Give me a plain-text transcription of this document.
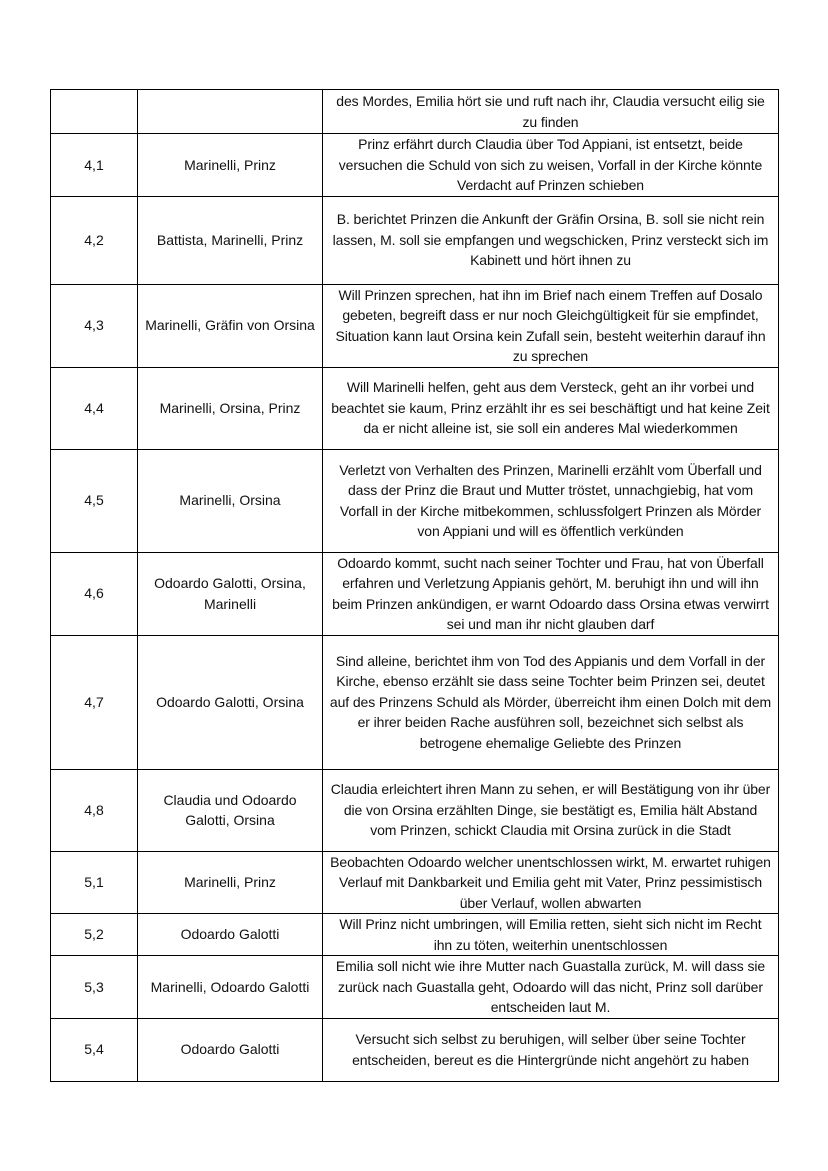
		des Mordes, Emilia hört sie und ruft nach ihr, Claudia versucht eilig sie zu finden
4,1	Marinelli, Prinz	Prinz erfährt durch Claudia über Tod Appiani, ist entsetzt, beide versuchen die Schuld von sich zu weisen, Vorfall in der Kirche könnte Verdacht auf Prinzen schieben
4,2	Battista, Marinelli, Prinz	B. berichtet Prinzen die Ankunft der Gräfin Orsina, B. soll sie nicht rein lassen, M. soll sie empfangen und wegschicken, Prinz versteckt sich im Kabinett und hört ihnen zu
4,3	Marinelli, Gräfin von Orsina	Will Prinzen sprechen, hat ihn im Brief nach einem Treffen auf Dosalo gebeten, begreift dass er nur noch Gleichgültigkeit für sie empfindet, Situation kann laut Orsina kein Zufall sein, besteht weiterhin darauf ihn zu sprechen
4,4	Marinelli, Orsina, Prinz	Will Marinelli helfen, geht aus dem Versteck, geht an ihr vorbei und beachtet sie kaum, Prinz erzählt ihr es sei beschäftigt und hat keine Zeit da er nicht alleine ist, sie soll ein anderes Mal wiederkommen
4,5	Marinelli, Orsina	Verletzt von Verhalten des Prinzen, Marinelli erzählt vom Überfall und dass der Prinz die Braut und Mutter tröstet, unnachgiebig, hat vom Vorfall in der Kirche mitbekommen, schlussfolgert Prinzen als Mörder von Appiani und will es öffentlich verkünden
4,6	Odoardo Galotti, Orsina, Marinelli	Odoardo kommt, sucht nach seiner Tochter und Frau, hat von Überfall erfahren und Verletzung Appianis gehört, M. beruhigt ihn und will ihn beim Prinzen ankündigen, er warnt Odoardo dass Orsina etwas verwirrt sei und man ihr nicht glauben darf
4,7	Odoardo Galotti, Orsina	Sind alleine, berichtet ihm von Tod des Appianis und dem Vorfall in der Kirche, ebenso erzählt sie dass seine Tochter beim Prinzen sei, deutet auf des Prinzens Schuld als Mörder, überreicht ihm einen Dolch mit dem er ihrer beiden Rache ausführen soll, bezeichnet sich selbst als betrogene ehemalige Geliebte des Prinzen
4,8	Claudia und Odoardo Galotti, Orsina	Claudia erleichtert ihren Mann zu sehen, er will Bestätigung von ihr über die von Orsina erzählten Dinge, sie bestätigt es, Emilia hält Abstand vom Prinzen, schickt Claudia mit Orsina zurück in die Stadt
5,1	Marinelli, Prinz	Beobachten Odoardo welcher unentschlossen wirkt, M. erwartet ruhigen Verlauf mit Dankbarkeit und Emilia geht mit Vater, Prinz pessimistisch über Verlauf, wollen abwarten
5,2	Odoardo Galotti	Will Prinz nicht umbringen, will Emilia retten, sieht sich nicht im Recht ihn zu töten, weiterhin unentschlossen
5,3	Marinelli, Odoardo Galotti	Emilia soll nicht wie ihre Mutter nach Guastalla zurück, M. will dass sie zurück nach Guastalla geht, Odoardo will das nicht, Prinz soll darüber entscheiden laut M.
5,4	Odoardo Galotti	Versucht sich selbst zu beruhigen, will selber über seine Tochter entscheiden, bereut es die Hintergründe nicht angehört zu haben
